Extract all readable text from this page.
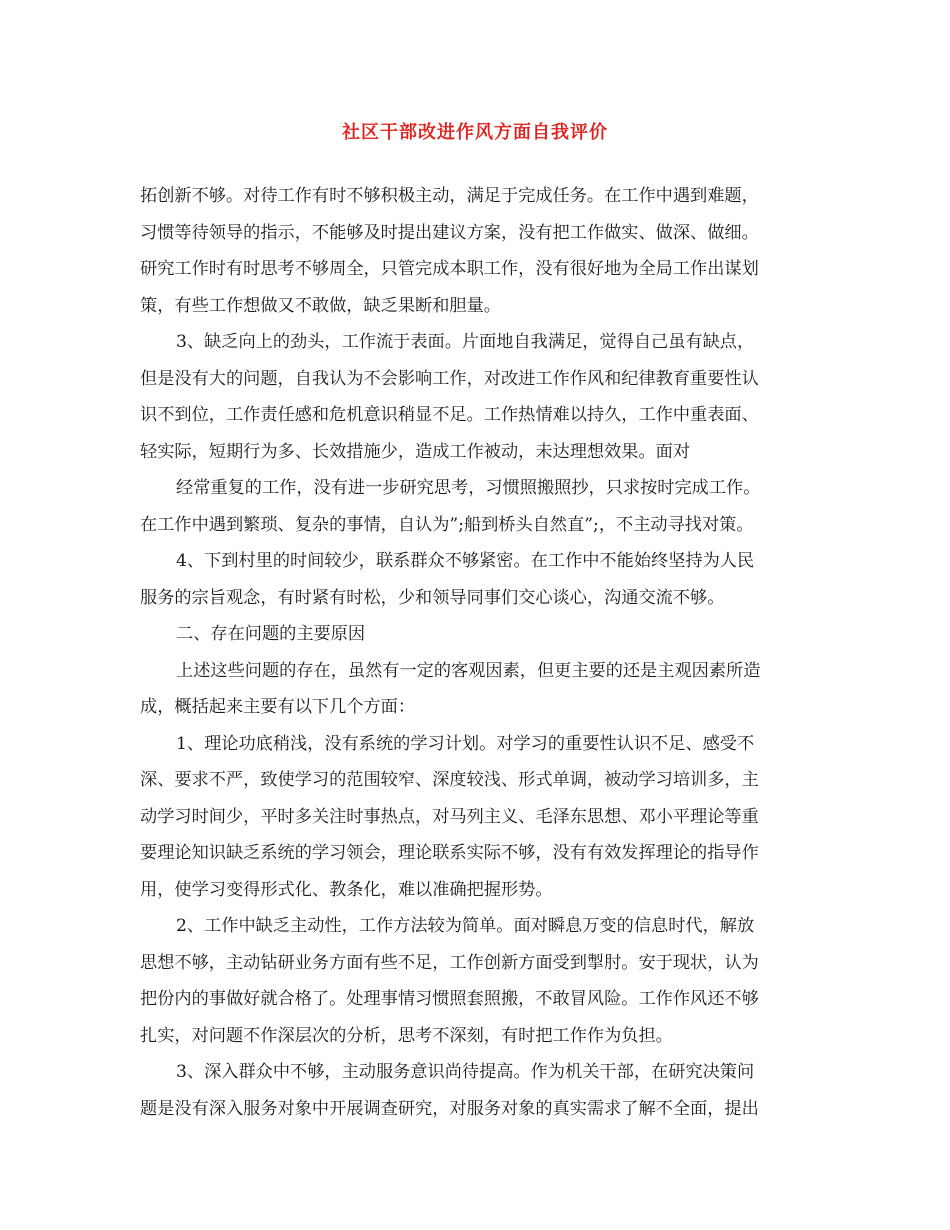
社区干部改进作风方面自我评价
拓创新不够。对待工作有时不够积极主动，满足于完成任务。在工作中遇到难题，
习惯等待领导的指示，不能够及时提出建议方案，没有把工作做实、做深、做细。
研究工作时有时思考不够周全，只管完成本职工作，没有很好地为全局工作出谋划
策，有些工作想做又不敢做，缺乏果断和胆量。
3、缺乏向上的劲头，工作流于表面。片面地自我满足，觉得自己虽有缺点，
但是没有大的问题，自我认为不会影响工作，对改进工作作风和纪律教育重要性认
识不到位，工作责任感和危机意识稍显不足。工作热情难以持久，工作中重表面、
轻实际，短期行为多、长效措施少，造成工作被动，未达理想效果。面对
经常重复的工作，没有进一步研究思考，习惯照搬照抄，只求按时完成工作。
在工作中遇到繁琐、复杂的事情，自认为”;船到桥头自然直”;，不主动寻找对策。
4、下到村里的时间较少，联系群众不够紧密。在工作中不能始终坚持为人民
服务的宗旨观念，有时紧有时松，少和领导同事们交心谈心，沟通交流不够。
二、存在问题的主要原因
上述这些问题的存在，虽然有一定的客观因素，但更主要的还是主观因素所造
成，概括起来主要有以下几个方面：
1、理论功底稍浅，没有系统的学习计划。对学习的重要性认识不足、感受不
深、要求不严，致使学习的范围较窄、深度较浅、形式单调，被动学习培训多，主
动学习时间少，平时多关注时事热点，对马列主义、毛泽东思想、邓小平理论等重
要理论知识缺乏系统的学习领会，理论联系实际不够，没有有效发挥理论的指导作
用，使学习变得形式化、教条化，难以准确把握形势。
2、工作中缺乏主动性，工作方法较为简单。面对瞬息万变的信息时代，解放
思想不够，主动钻研业务方面有些不足，工作创新方面受到掣肘。安于现状，认为
把份内的事做好就合格了。处理事情习惯照套照搬，不敢冒风险。工作作风还不够
扎实，对问题不作深层次的分析，思考不深刻，有时把工作作为负担。
3、深入群众中不够，主动服务意识尚待提高。作为机关干部，在研究决策问
题是没有深入服务对象中开展调查研究，对服务对象的真实需求了解不全面，提出
